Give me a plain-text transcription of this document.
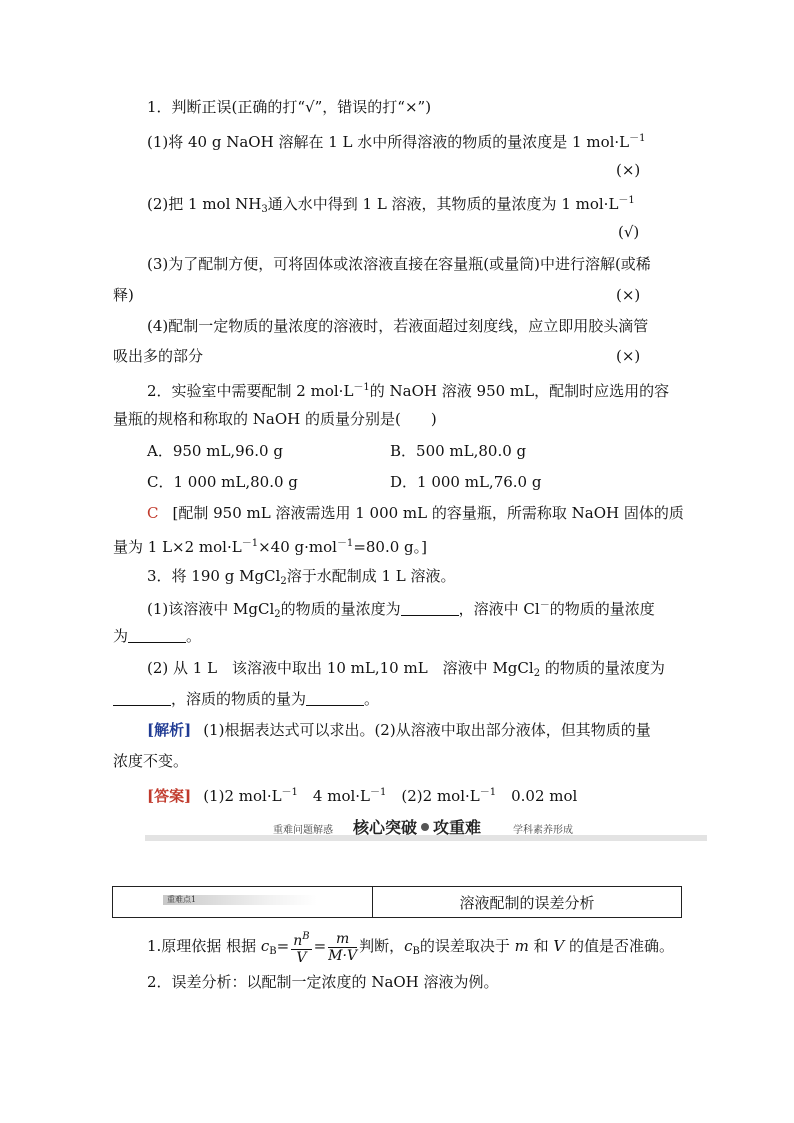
1．判断正误(正确的打“√”，错误的打“×”)
(1)将 40 g NaOH 溶解在 1 L 水中所得溶液的物质的量浓度是 1 $mol\cdot L^{-1}$
(×)
(2)把 1 mol $NH_3$通入水中得到 1 L 溶液，其物质的量浓度为 1 $mol\cdot L^{-1}$
(√)
(3)为了配制方便，可将固体或浓溶液直接在容量瓶(或量筒)中进行溶解(或稀
释)	(×)
(4)配制一定物质的量浓度的溶液时，若液面超过刻度线，应立即用胶头滴管
吸出多的部分	(×)
2．实验室中需要配制 2 $mol\cdot L^{-1}$的 NaOH 溶液 950 mL，配制时应选用的容
量瓶的规格和称取的 NaOH 的质量分别是(　　)
A．950 mL,96.0 g	B．500 mL,80.0 g
C．1 000 mL,80.0 g	D．1 000 mL,76.0 g
C [配制 950 mL 溶液需选用 1 000 mL 的容量瓶，所需称取 NaOH 固体的质
量为 1 L×2 $mol\cdot L^{-1}\times 40$ g·mol$^{-1}$=80.0 g。]
3．将 190 g MgCl$_2$溶于水配制成 1 L 溶液。
(1)该溶液中 MgCl$_2$的物质的量浓度为	，溶液中 Cl－的物质的量浓度
为	。
(2) 从 1 L　该溶液中取出 10 mL,10 mL　溶液中 MgCl$_2$ 的物质的量浓度为
，溶质的物质的量为	。
[解析] (1)根据表达式可以求出。(2)从溶液中取出部分液体，但其物质的量
浓度不变。
[答案] (1)2 $mol\cdot L^{-1}$　4 $mol\cdot L^{-1}$　(2)2 $mol\cdot L^{-1}$　0.02 mol
重难问题解惑 核心突破 攻重难	学科素养形成
重难点1	溶液配制的误差分析
1.原理依据 根据 $c_B= \frac{n^B}{V} = \frac{m}{M\cdot V}$ 判断，$c_B$的误差取决于 m 和 V 的值是否准确。
2．误差分析：以配制一定浓度的 NaOH 溶液为例。
